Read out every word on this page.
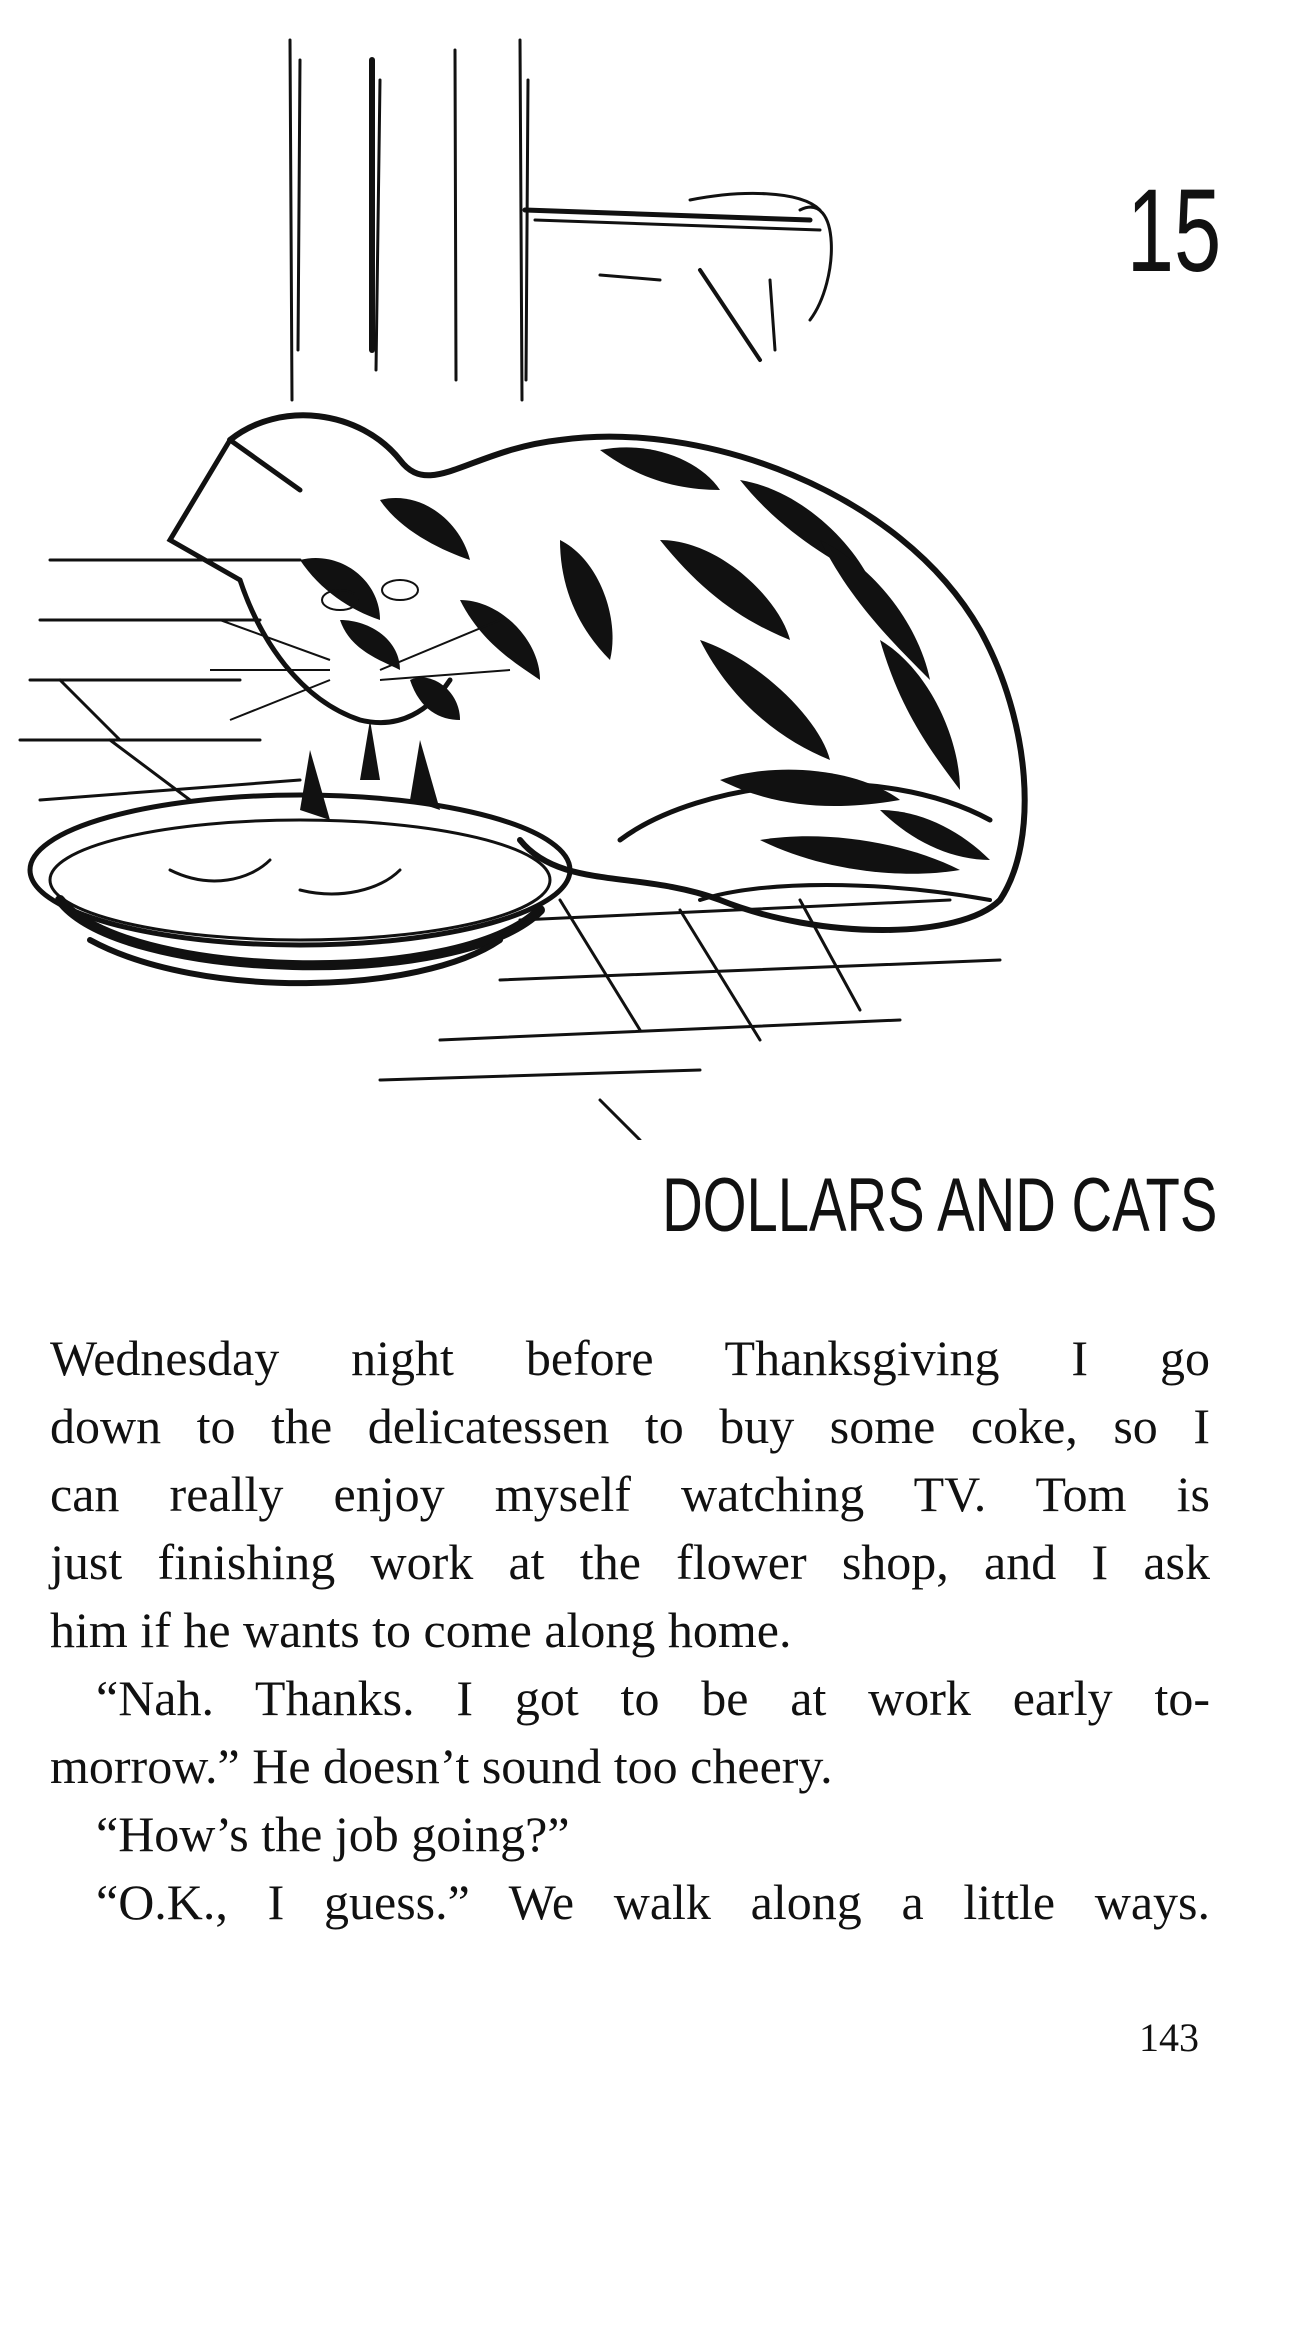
15
DOLLARS AND CATS
Wednesday night before Thanksgiving I go
down to the delicatessen to buy some coke, so I
can really enjoy myself watching TV. Tom is
just finishing work at the flower shop, and I ask
him if he wants to come along home.
“Nah. Thanks. I got to be at work early to-
morrow.” He doesn’t sound too cheery.
“How’s the job going?”
“O.K., I guess.” We walk along a little ways.
143
